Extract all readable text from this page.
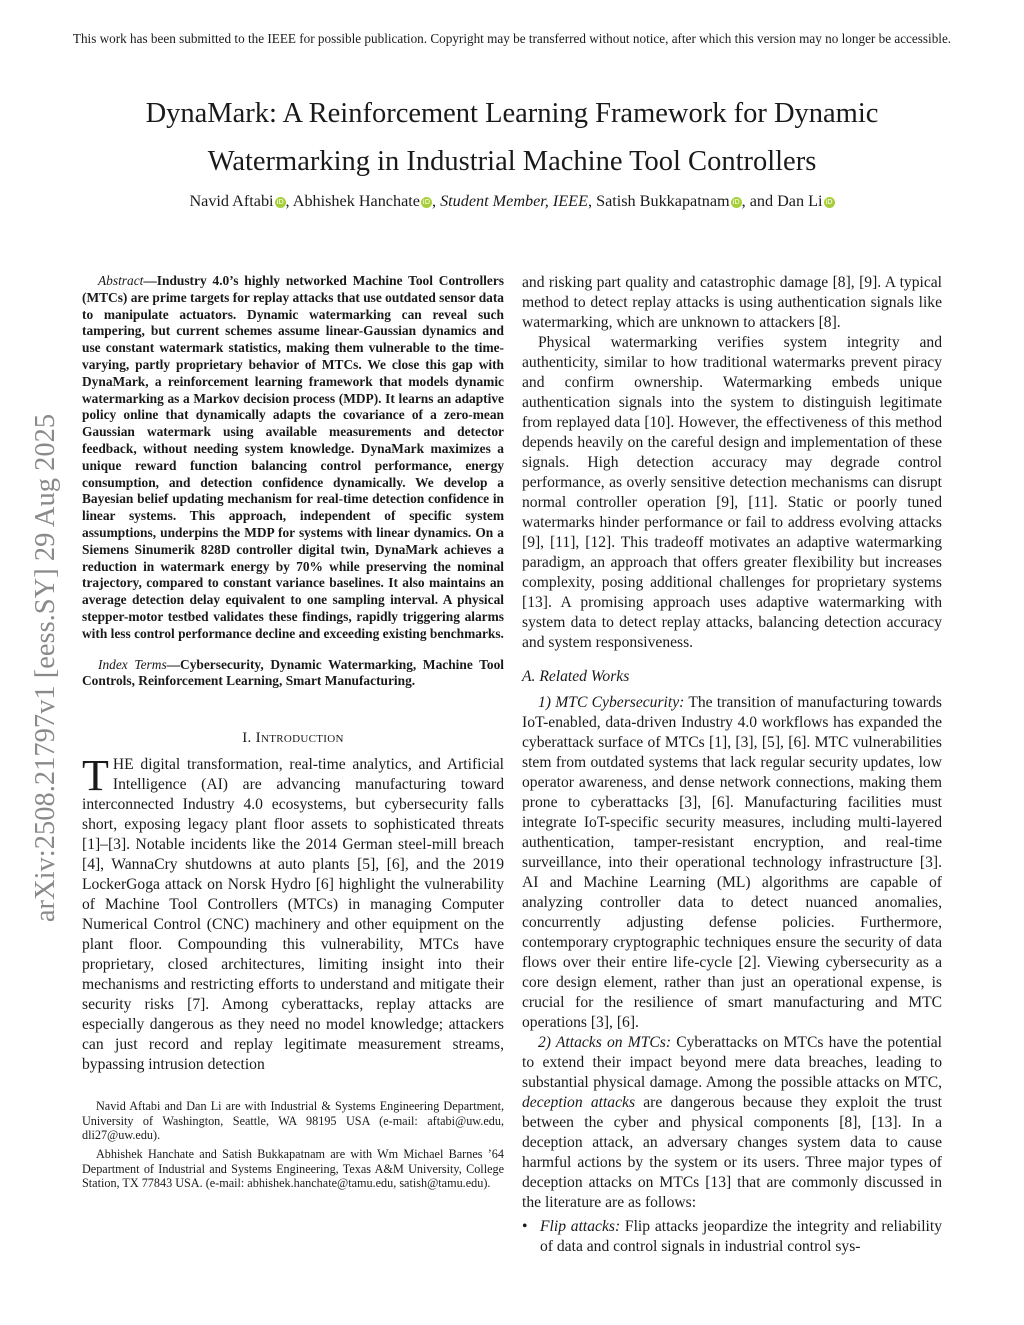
This work has been submitted to the IEEE for possible publication. Copyright may be transferred without notice, after which this version may no longer be accessible.

DynaMark: A Reinforcement Learning Framework for Dynamic
Watermarking in Industrial Machine Tool Controllers

Navid Aftabi iD , Abhishek Hanchate iD , Student Member, IEEE, Satish Bukkapatnam iD , and Dan Li iD

arXiv:2508.21797v1 [eess.SY] 29 Aug 2025

Abstract—Industry 4.0’s highly networked Machine Tool Controllers (MTCs) are prime targets for replay attacks that use outdated sensor data to manipulate actuators. Dynamic watermarking can reveal such tampering, but current schemes assume linear-Gaussian dynamics and use constant watermark statistics, making them vulnerable to the time-varying, partly proprietary behavior of MTCs. We close this gap with DynaMark, a reinforcement learning framework that models dynamic watermarking as a Markov decision process (MDP). It learns an adaptive policy online that dynamically adapts the covariance of a zero-mean Gaussian watermark using available measurements and detector feedback, without needing system knowledge. DynaMark maximizes a unique reward function balancing control performance, energy consumption, and detection confidence dynamically. We develop a Bayesian belief updating mechanism for real-time detection confidence in linear systems. This approach, independent of specific system assumptions, underpins the MDP for systems with linear dynamics. On a Siemens Sinumerik 828D controller digital twin, DynaMark achieves a reduction in watermark energy by 70% while preserving the nominal trajectory, compared to constant variance baselines. It also maintains an average detection delay equivalent to one sampling interval. A physical stepper-motor testbed validates these findings, rapidly triggering alarms with less control performance decline and exceeding existing benchmarks.

Index Terms—Cybersecurity, Dynamic Watermarking, Machine Tool Controls, Reinforcement Learning, Smart Manufacturing.

I. Introduction

THE digital transformation, real-time analytics, and Artificial Intelligence (AI) are advancing manufacturing toward interconnected Industry 4.0 ecosystems, but cybersecurity falls short, exposing legacy plant floor assets to sophisticated threats [1]–[3]. Notable incidents like the 2014 German steel-mill breach [4], WannaCry shutdowns at auto plants [5], [6], and the 2019 LockerGoga attack on Norsk Hydro [6] highlight the vulnerability of Machine Tool Controllers (MTCs) in managing Computer Numerical Control (CNC) machinery and other equipment on the plant floor. Compounding this vulnerability, MTCs have proprietary, closed architectures, limiting insight into their mechanisms and restricting efforts to understand and mitigate their security risks [7]. Among cyberattacks, replay attacks are especially dangerous as they need no model knowledge; attackers can just record and replay legitimate measurement streams, bypassing intrusion detection

Navid Aftabi and Dan Li are with Industrial & Systems Engineering Department, University of Washington, Seattle, WA 98195 USA (e-mail: aftabi@uw.edu, dli27@uw.edu).

Abhishek Hanchate and Satish Bukkapatnam are with Wm Michael Barnes ’64 Department of Industrial and Systems Engineering, Texas A&M University, College Station, TX 77843 USA. (e-mail: abhishek.hanchate@tamu.edu, satish@tamu.edu).

and risking part quality and catastrophic damage [8], [9]. A typical method to detect replay attacks is using authentication signals like watermarking, which are unknown to attackers [8].

Physical watermarking verifies system integrity and authenticity, similar to how traditional watermarks prevent piracy and confirm ownership. Watermarking embeds unique authentication signals into the system to distinguish legitimate from replayed data [10]. However, the effectiveness of this method depends heavily on the careful design and implementation of these signals. High detection accuracy may degrade control performance, as overly sensitive detection mechanisms can disrupt normal controller operation [9], [11]. Static or poorly tuned watermarks hinder performance or fail to address evolving attacks [9], [11], [12]. This tradeoff motivates an adaptive watermarking paradigm, an approach that offers greater flexibility but increases complexity, posing additional challenges for proprietary systems [13]. A promising approach uses adaptive watermarking with system data to detect replay attacks, balancing detection accuracy and system responsiveness.

A. Related Works

1) MTC Cybersecurity: The transition of manufacturing towards IoT-enabled, data-driven Industry 4.0 workflows has expanded the cyberattack surface of MTCs [1], [3], [5], [6]. MTC vulnerabilities stem from outdated systems that lack regular security updates, low operator awareness, and dense network connections, making them prone to cyberattacks [3], [6]. Manufacturing facilities must integrate IoT-specific security measures, including multi-layered authentication, tamper-resistant encryption, and real-time surveillance, into their operational technology infrastructure [3]. AI and Machine Learning (ML) algorithms are capable of analyzing controller data to detect nuanced anomalies, concurrently adjusting defense policies. Furthermore, contemporary cryptographic techniques ensure the security of data flows over their entire life-cycle [2]. Viewing cybersecurity as a core design element, rather than just an operational expense, is crucial for the resilience of smart manufacturing and MTC operations [3], [6].

2) Attacks on MTCs: Cyberattacks on MTCs have the potential to extend their impact beyond mere data breaches, leading to substantial physical damage. Among the possible attacks on MTC, deception attacks are dangerous because they exploit the trust between the cyber and physical components [8], [13]. In a deception attack, an adversary changes system data to cause harmful actions by the system or its users. Three major types of deception attacks on MTCs [13] that are commonly discussed in the literature are as follows:

• Flip attacks: Flip attacks jeopardize the integrity and reliability of data and control signals in industrial control sys-
